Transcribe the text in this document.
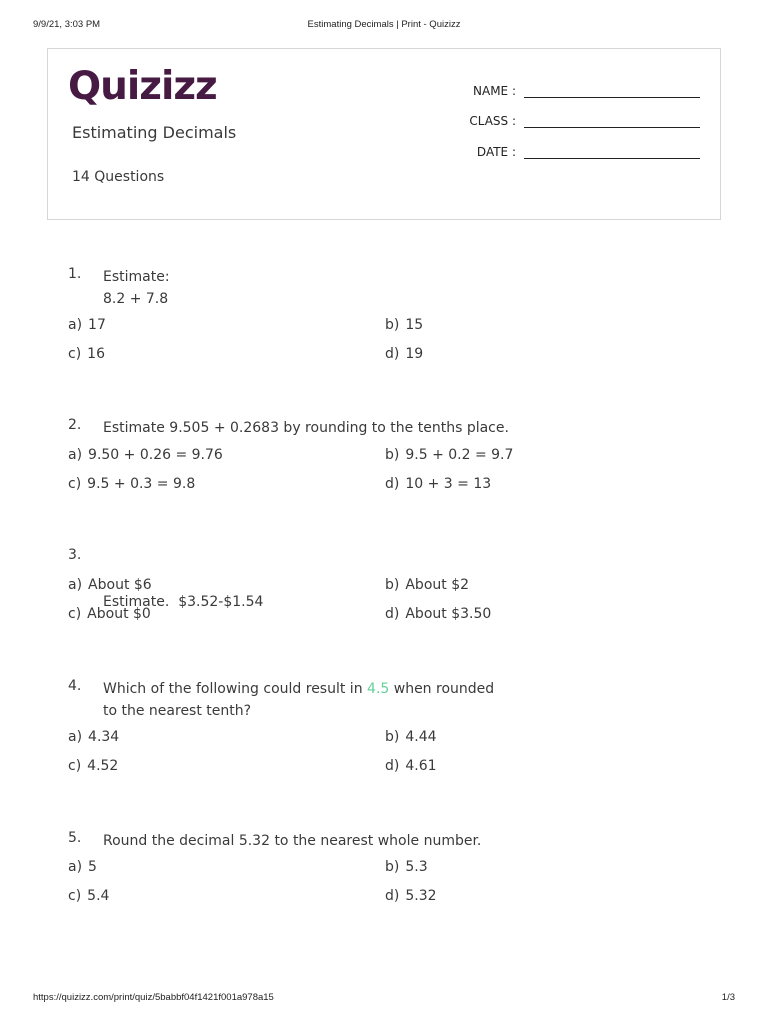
9/9/21, 3:03 PM	Estimating Decimals | Print - Quizizz
Quizizz
Estimating Decimals
14 Questions
NAME :
CLASS :
DATE :
1. Estimate:
8.2 + 7.8
a) 17	b) 15
c) 16	d) 19
2. Estimate 9.505 + 0.2683 by rounding to the tenths place.
a) 9.50 + 0.26 = 9.76	b) 9.5 + 0.2 = 9.7
c) 9.5 + 0.3 = 9.8	d) 10 + 3 = 13
3.

Estimate.  $3.52-$1.54

a) About $6	b) About $2
c) About $0	d) About $3.50
4. Which of the following could result in 4.5 when rounded
to the nearest tenth?
a) 4.34	b) 4.44
c) 4.52	d) 4.61
5. Round the decimal 5.32 to the nearest whole number.
a) 5	b) 5.3
c) 5.4	d) 5.32
https://quizizz.com/print/quiz/5babbf04f1421f001a978a15	1/3
